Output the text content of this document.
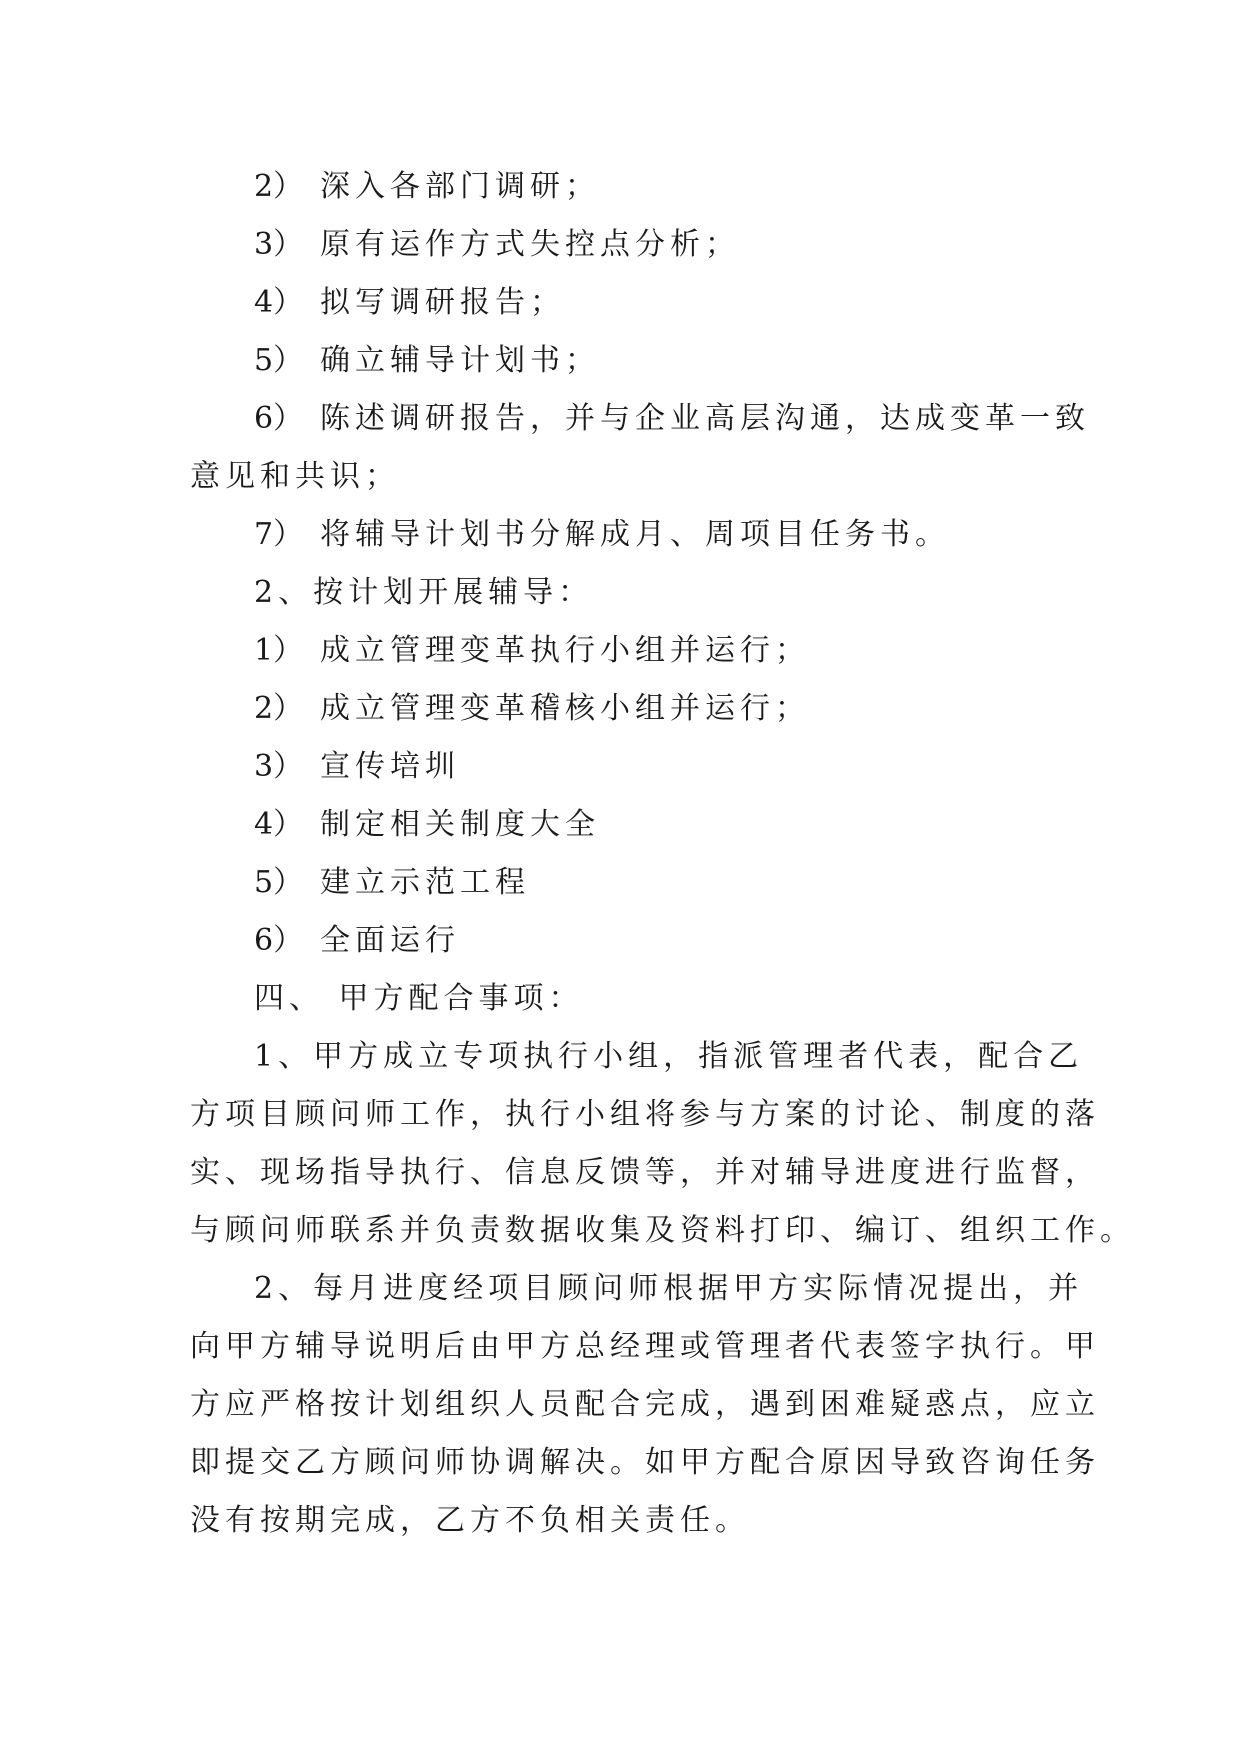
2） 深入各部门调研；
3） 原有运作方式失控点分析；
4） 拟写调研报告；
5） 确立辅导计划书；
6） 陈述调研报告，并与企业高层沟通，达成变革一致
意见和共识；
7） 将辅导计划书分解成月、周项目任务书。
2、按计划开展辅导：
1） 成立管理变革执行小组并运行；
2） 成立管理变革稽核小组并运行；
3） 宣传培圳
4） 制定相关制度大全
5） 建立示范工程
6） 全面运行
四、 甲方配合事项：
1、甲方成立专项执行小组，指派管理者代表，配合乙
方项目顾问师工作，执行小组将参与方案的讨论、制度的落
实、现场指导执行、信息反馈等，并对辅导进度进行监督，
与顾问师联系并负责数据收集及资料打印、编订、组织工作。
2、每月进度经项目顾问师根据甲方实际情况提出，并
向甲方辅导说明后由甲方总经理或管理者代表签字执行。甲
方应严格按计划组织人员配合完成，遇到困难疑惑点，应立
即提交乙方顾问师协调解决。如甲方配合原因导致咨询任务
没有按期完成，乙方不负相关责任。
